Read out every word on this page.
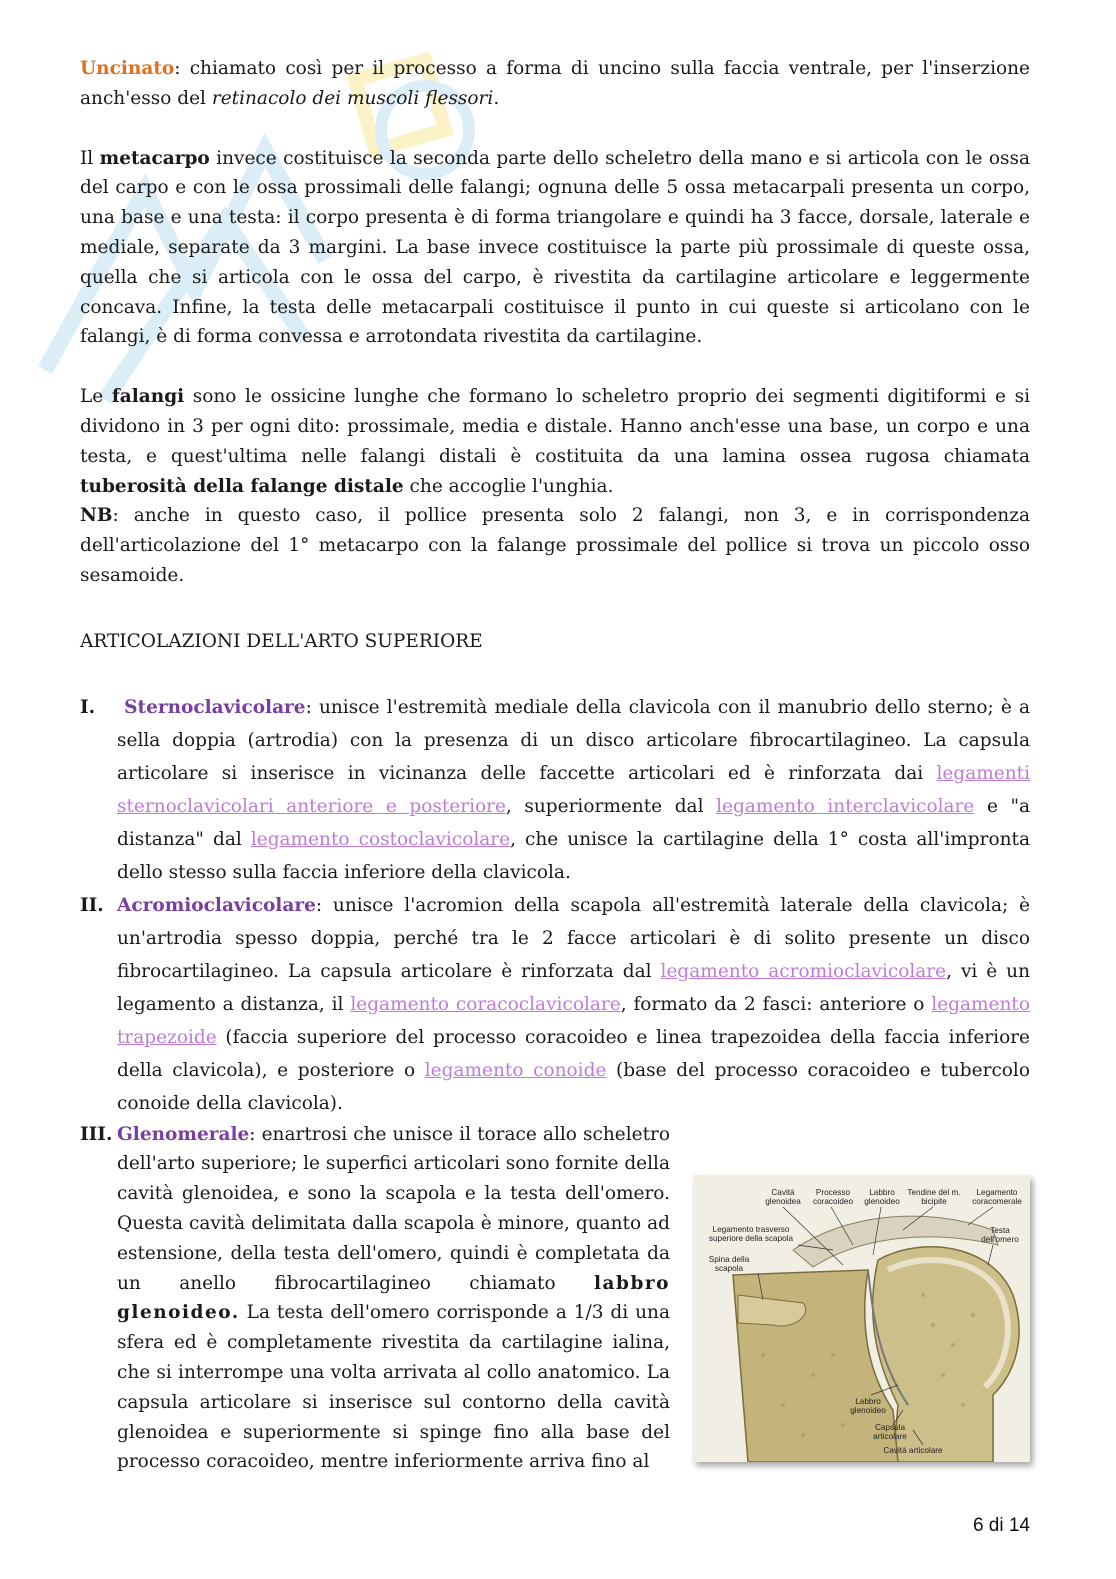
Uncinato: chiamato così per il processo a forma di uncino sulla faccia ventrale, per l'inserzione anch'esso del retinacolo dei muscoli flessori.

Il metacarpo invece costituisce la seconda parte dello scheletro della mano e si articola con le ossa del carpo e con le ossa prossimali delle falangi; ognuna delle 5 ossa metacarpali presenta un corpo, una base e una testa: il corpo presenta è di forma triangolare e quindi ha 3 facce, dorsale, laterale e mediale, separate da 3 margini. La base invece costituisce la parte più prossimale di queste ossa, quella che si articola con le ossa del carpo, è rivestita da cartilagine articolare e leggermente concava. Infine, la testa delle metacarpali costituisce il punto in cui queste si articolano con le falangi, è di forma convessa e arrotondata rivestita da cartilagine.

Le falangi sono le ossicine lunghe che formano lo scheletro proprio dei segmenti digitiformi e si dividono in 3 per ogni dito: prossimale, media e distale. Hanno anch'esse una base, un corpo e una testa, e quest'ultima nelle falangi distali è costituita da una lamina ossea rugosa chiamata tuberosità della falange distale che accoglie l'unghia.

NB: anche in questo caso, il pollice presenta solo 2 falangi, non 3, e in corrispondenza dell'articolazione del 1° metacarpo con la falange prossimale del pollice si trova un piccolo osso sesamoide.

ARTICOLAZIONI DELL'ARTO SUPERIORE

I. Sternoclavicolare: unisce l'estremità mediale della clavicola con il manubrio dello sterno; è a sella doppia (artrodia) con la presenza di un disco articolare fibrocartilagineo. La capsula articolare si inserisce in vicinanza delle faccette articolari ed è rinforzata dai legamenti sternoclavicolari anteriore e posteriore, superiormente dal legamento interclavicolare e "a distanza" dal legamento costoclavicolare, che unisce la cartilagine della 1° costa all'impronta dello stesso sulla faccia inferiore della clavicola.

II. Acromioclavicolare: unisce l'acromion della scapola all'estremità laterale della clavicola; è un'artrodia spesso doppia, perché tra le 2 facce articolari è di solito presente un disco fibrocartilagineo. La capsula articolare è rinforzata dal legamento acromioclavicolare, vi è un legamento a distanza, il legamento coracoclavicolare, formato da 2 fasci: anteriore o legamento trapezoide (faccia superiore del processo coracoideo e linea trapezoidea della faccia inferiore della clavicola), e posteriore o legamento conoide (base del processo coracoideo e tubercolo conoide della clavicola).

III. Glenomerale: enartrosi che unisce il torace allo scheletro dell'arto superiore; le superfici articolari sono fornite della cavità glenoidea, e sono la scapola e la testa dell'omero. Questa cavità delimitata dalla scapola è minore, quanto ad estensione, della testa dell'omero, quindi è completata da un anello fibrocartilagineo chiamato labbro glenoideo. La testa dell'omero corrisponde a 1/3 di una sfera ed è completamente rivestita da cartilagine ialina, che si interrompe una volta arrivata al collo anatomico. La capsula articolare si inserisce sul contorno della cavità glenoidea e superiormente si spinge fino alla base del processo coracoideo, mentre inferiormente arriva fino al

Cavità glenoidea
Processo coracoideo
Labbro glenoideo
Tendine del m. bicipite
Legamento coracomerale
Legamento trasverso superiore della scapola
Testa dell'omero
Spina della scapola
Labbro glenoideo
Capsula articolare
Cavità articolare
6 di 14
